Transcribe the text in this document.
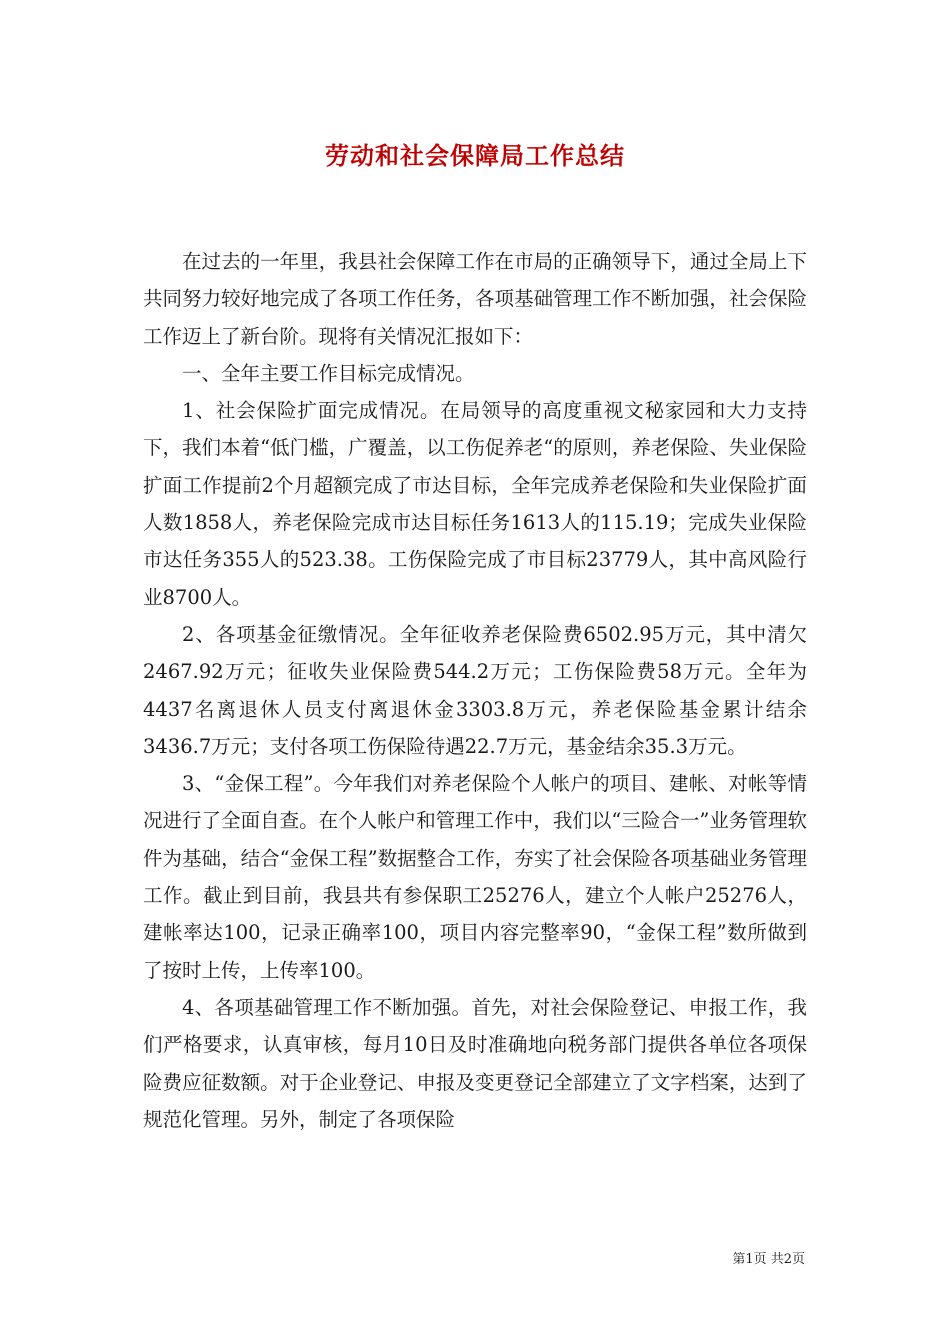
劳动和社会保障局工作总结

在过去的一年里，我县社会保障工作在市局的正确领导下，通过全局上下共同努力较好地完成了各项工作任务，各项基础管理工作不断加强，社会保险工作迈上了新台阶。现将有关情况汇报如下：

一、全年主要工作目标完成情况。

1、社会保险扩面完成情况。在局领导的高度重视文秘家园和大力支持下，我们本着“低门槛，广覆盖，以工伤促养老“的原则，养老保险、失业保险扩面工作提前2个月超额完成了市达目标，全年完成养老保险和失业保险扩面人数1858人，养老保险完成市达目标任务1613人的115.19；完成失业保险市达任务355人的523.38。工伤保险完成了市目标23779人，其中高风险行业8700人。

2、各项基金征缴情况。全年征收养老保险费6502.95万元，其中清欠2467.92万元；征收失业保险费544.2万元；工伤保险费58万元。全年为4437名离退休人员支付离退休金3303.8万元，养老保险基金累计结余3436.7万元；支付各项工伤保险待遇22.7万元，基金结余35.3万元。

3、“金保工程”。今年我们对养老保险个人帐户的项目、建帐、对帐等情况进行了全面自查。在个人帐户和管理工作中，我们以“三险合一”业务管理软件为基础，结合“金保工程”数据整合工作，夯实了社会保险各项基础业务管理工作。截止到目前，我县共有参保职工25276人，建立个人帐户25276人，建帐率达100，记录正确率100，项目内容完整率90，“金保工程”数所做到了按时上传，上传率100。

4、各项基础管理工作不断加强。首先，对社会保险登记、申报工作，我们严格要求，认真审核，每月10日及时准确地向税务部门提供各单位各项保险费应征数额。对于企业登记、申报及变更登记全部建立了文字档案，达到了规范化管理。另外，制定了各项保险

第1页 共2页
